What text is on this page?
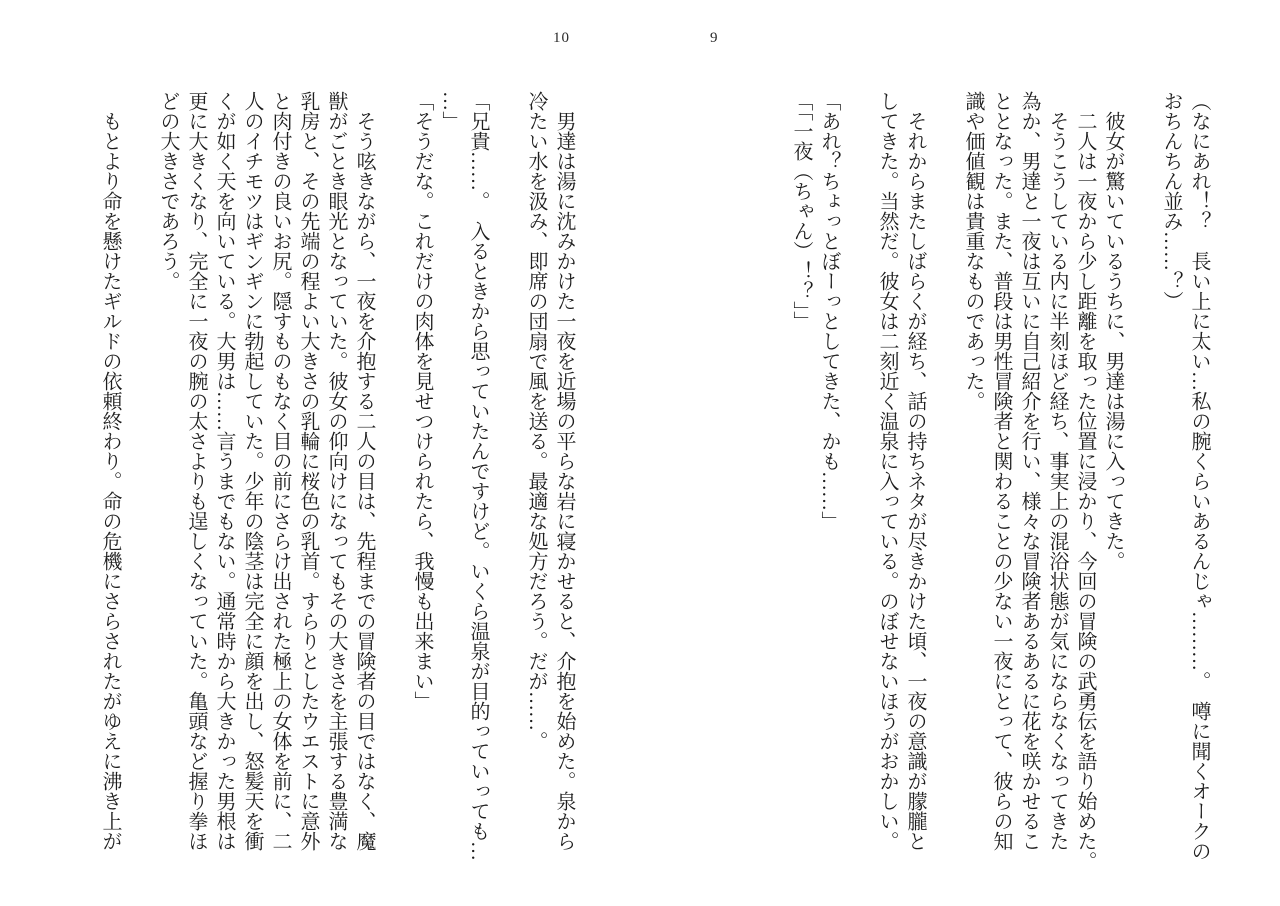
10	9
（なにあれ！？　長い上に太い…私の腕くらいあるんじゃ………。　噂に聞くオークの
おちんちん並み……？）
　彼女が驚いているうちに、男達は湯に入ってきた。
　二人は一夜から少し距離を取った位置に浸かり、今回の冒険の武勇伝を語り始めた。
　そうこうしている内に半刻ほど経ち、事実上の混浴状態が気にならなくなってきた
為か、男達と一夜は互いに自己紹介を行い、様々な冒険者あるあるに花を咲かせるこ
ととなった。また、普段は男性冒険者と関わることの少ない一夜にとって、彼らの知
識や価値観は貴重なものであった。
　それからまたしばらくが経ち、話の持ちネタが尽きかけた頃、一夜の意識が朦朧と
してきた。当然だ。彼女は二刻近く温泉に入っている。のぼせないほうがおかしい。
「あれ？ちょっとぼーっとしてきた、かも……」
「「一夜（ちゃん）！？」」
　男達は湯に沈みかけた一夜を近場の平らな岩に寝かせると、介抱を始めた。泉から
冷たい水を汲み、即席の団扇で風を送る。最適な処方だろう。だが……。
「兄貴……。　入るときから思っていたんですけど。いくら温泉が目的っていっても…
…」
「そうだな。これだけの肉体を見せつけられたら、我慢も出来まい」
　そう呟きながら、一夜を介抱する二人の目は、先程までの冒険者の目ではなく、魔
獣がごとき眼光となっていた。彼女の仰向けになってもその大きさを主張する豊満な
乳房と、その先端の程よい大きさの乳輪に桜色の乳首。すらりとしたウエストに意外
と肉付きの良いお尻。隠すものもなく目の前にさらけ出された極上の女体を前に、二
人のイチモツはギンギンに勃起していた。少年の陰茎は完全に顔を出し、怒髪天を衝
くが如く天を向いている。大男は……言うまでもない。通常時から大きかった男根は
更に大きくなり、完全に一夜の腕の太さよりも逞しくなっていた。亀頭など握り拳ほ
どの大きさであろう。
　もとより命を懸けたギルドの依頼終わり。命の危機にさらされたがゆえに沸き上が
